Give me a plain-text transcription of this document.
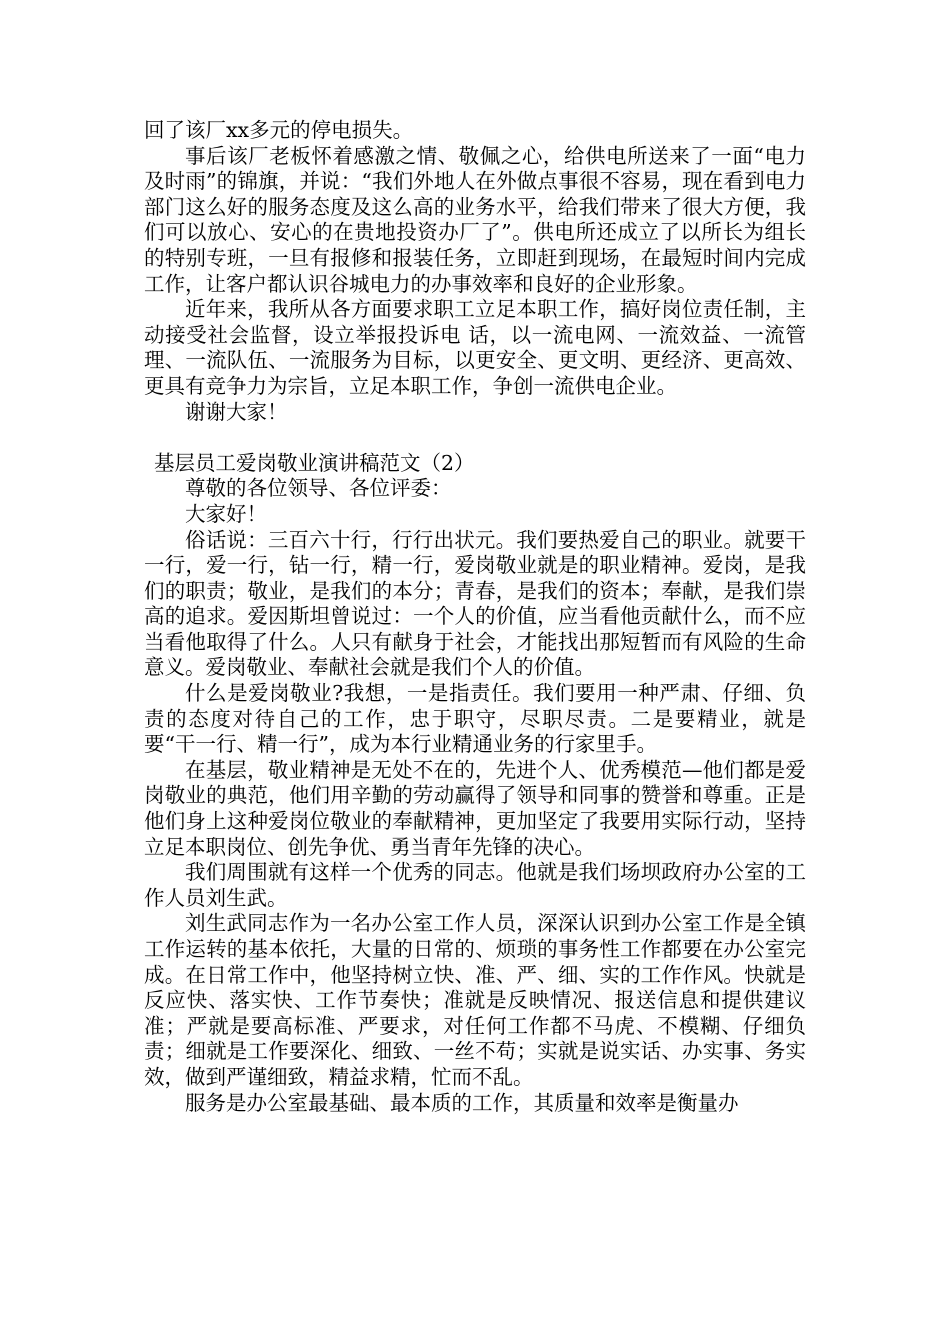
回了该厂xx多元的停电损失。

事后该厂老板怀着感激之情、敬佩之心，给供电所送来了一面“电力及时雨”的锦旗，并说：“我们外地人在外做点事很不容易，现在看到电力部门这么好的服务态度及这么高的业务水平，给我们带来了很大方便，我们可以放心、安心的在贵地投资办厂了”。供电所还成立了以所长为组长的特别专班，一旦有报修和报装任务，立即赶到现场，在最短时间内完成工作，让客户都认识谷城电力的办事效率和良好的企业形象。

近年来，我所从各方面要求职工立足本职工作，搞好岗位责任制，主动接受社会监督，设立举报投诉电 话，以一流电网、一流效益、一流管理、一流队伍、一流服务为目标，以更安全、更文明、更经济、更高效、更具有竞争力为宗旨，立足本职工作，争创一流供电企业。

谢谢大家！

基层员工爱岗敬业演讲稿范文（2）

尊敬的各位领导、各位评委：

大家好！

俗话说：三百六十行，行行出状元。我们要热爱自己的职业。就要干一行，爱一行，钻一行，精一行，爱岗敬业就是的职业精神。爱岗，是我们的职责；敬业，是我们的本分；青春，是我们的资本；奉献，是我们崇高的追求。爱因斯坦曾说过：一个人的价值，应当看他贡献什么，而不应当看他取得了什么。人只有献身于社会，才能找出那短暂而有风险的生命意义。爱岗敬业、奉献社会就是我们个人的价值。

什么是爱岗敬业?我想，一是指责任。我们要用一种严肃、仔细、负责的态度对待自己的工作，忠于职守，尽职尽责。二是要精业，就是要“干一行、精一行”，成为本行业精通业务的行家里手。

在基层，敬业精神是无处不在的，先进个人、优秀模范—他们都是爱岗敬业的典范，他们用辛勤的劳动赢得了领导和同事的赞誉和尊重。正是他们身上这种爱岗位敬业的奉献精神，更加坚定了我要用实际行动，坚持立足本职岗位、创先争优、勇当青年先锋的决心。

我们周围就有这样一个优秀的同志。他就是我们场坝政府办公室的工作人员刘生武。

刘生武同志作为一名办公室工作人员，深深认识到办公室工作是全镇工作运转的基本依托，大量的日常的、烦琐的事务性工作都要在办公室完成。在日常工作中，他坚持树立快、准、严、细、实的工作作风。快就是反应快、落实快、工作节奏快；准就是反映情况、报送信息和提供建议准；严就是要高标准、严要求，对任何工作都不马虎、不模糊、仔细负责；细就是工作要深化、细致、一丝不苟；实就是说实话、办实事、务实效，做到严谨细致，精益求精，忙而不乱。

服务是办公室最基础、最本质的工作，其质量和效率是衡量办
